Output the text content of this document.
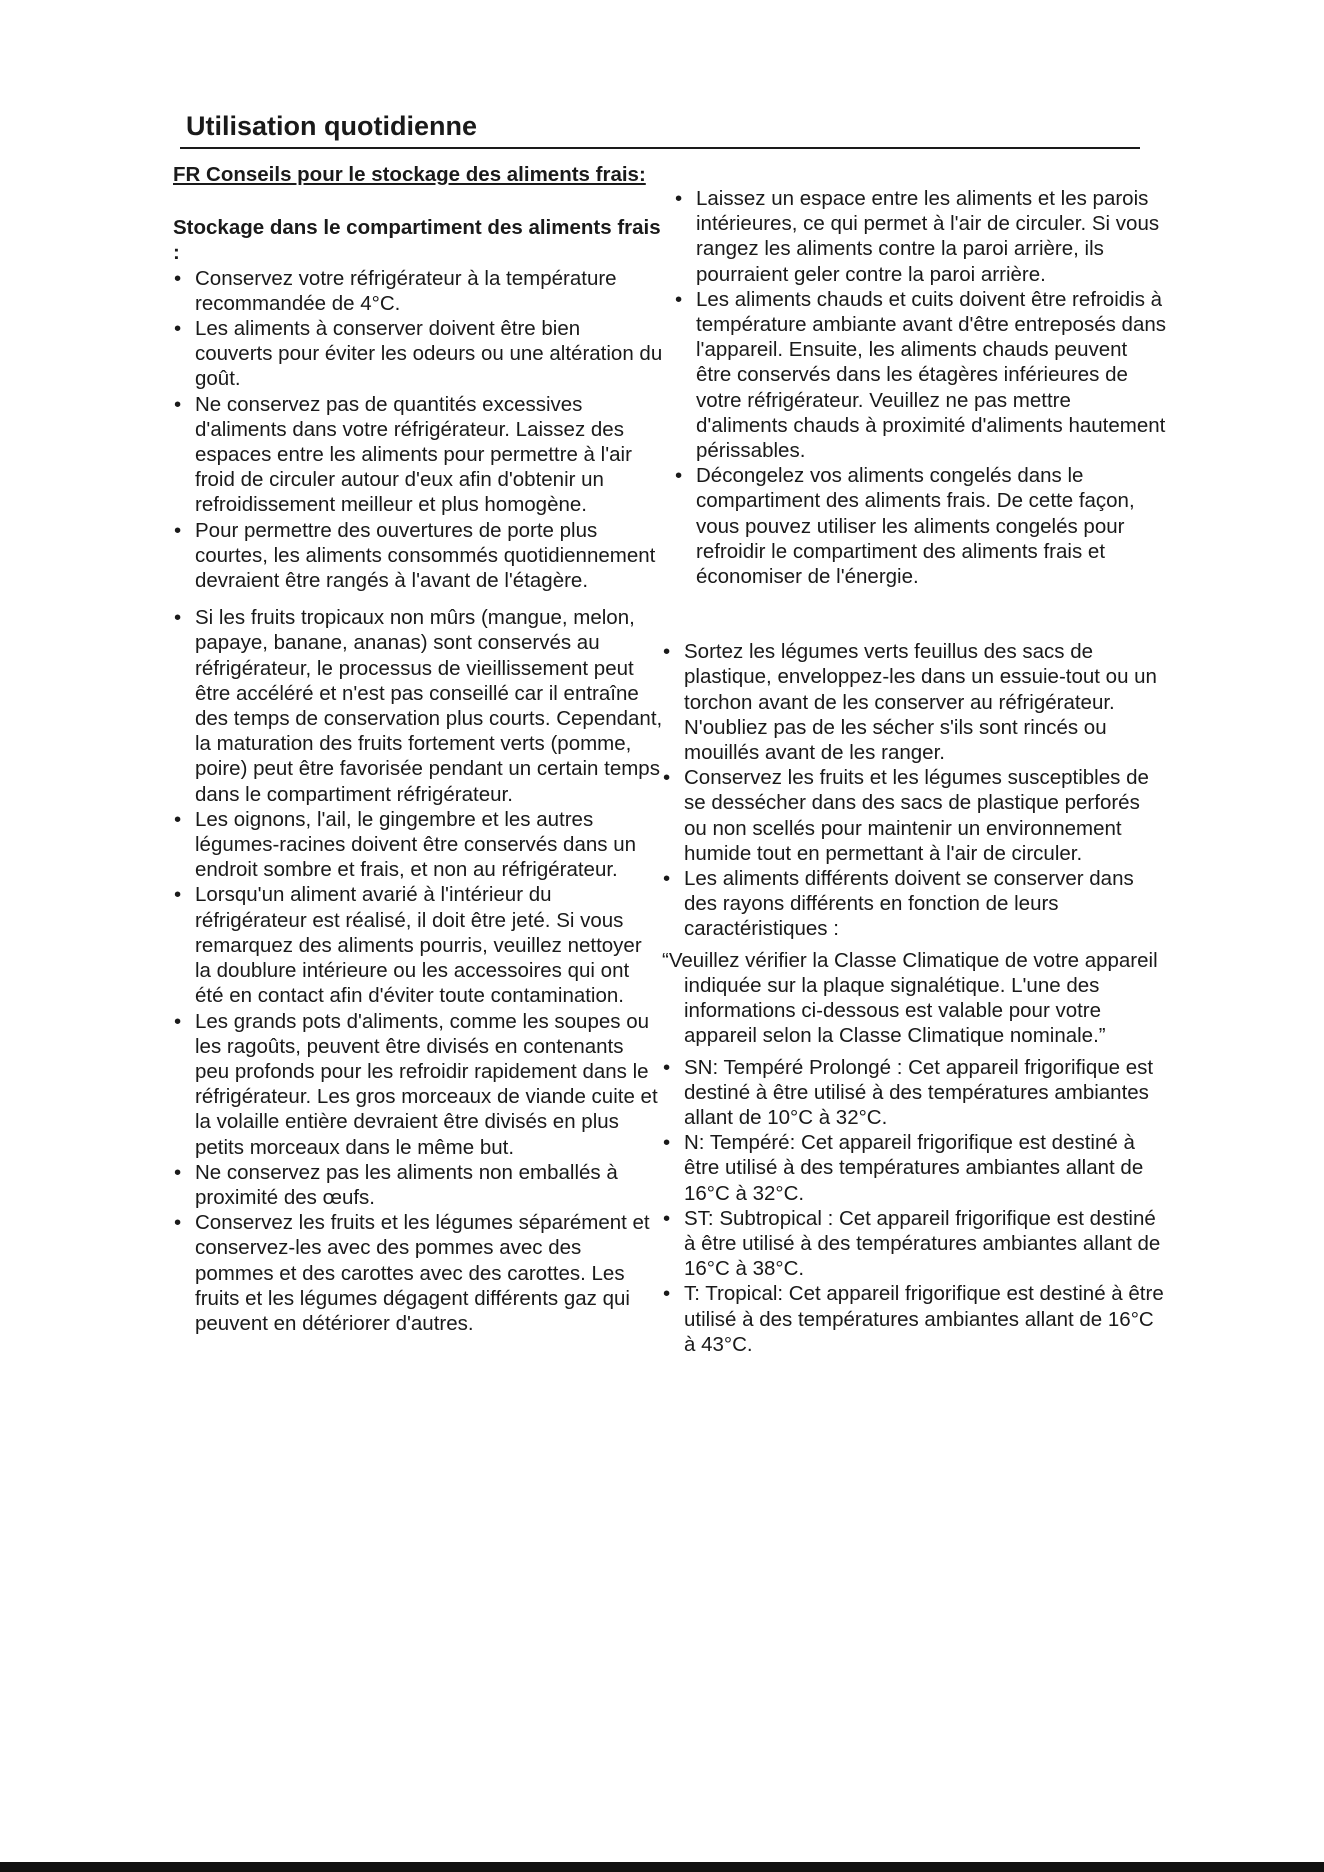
Utilisation quotidienne

FR Conseils pour le stockage des aliments frais:

Stockage dans le compartiment des aliments frais :

• Conservez votre réfrigérateur à la température recommandée de 4°C.
• Les aliments à conserver doivent être bien couverts pour éviter les odeurs ou une altération du goût.
• Ne conservez pas de quantités excessives d'aliments dans votre réfrigérateur. Laissez des espaces entre les aliments pour permettre à l'air froid de circuler autour d'eux afin d'obtenir un refroidissement meilleur et plus homogène.
• Pour permettre des ouvertures de porte plus courtes, les aliments consommés quotidiennement devraient être rangés à l'avant de l'étagère.
• Si les fruits tropicaux non mûrs (mangue, melon, papaye, banane, ananas) sont conservés au réfrigérateur, le processus de vieillissement peut être accéléré et n'est pas conseillé car il entraîne des temps de conservation plus courts. Cependant, la maturation des fruits fortement verts (pomme, poire) peut être favorisée pendant un certain temps dans le compartiment réfrigérateur.
• Les oignons, l'ail, le gingembre et les autres légumes-racines doivent être conservés dans un endroit sombre et frais, et non au réfrigérateur.
• Lorsqu'un aliment avarié à l'intérieur du réfrigérateur est réalisé, il doit être jeté. Si vous remarquez des aliments pourris, veuillez nettoyer la doublure intérieure ou les accessoires qui ont été en contact afin d'éviter toute contamination.
• Les grands pots d'aliments, comme les soupes ou les ragoûts, peuvent être divisés en contenants peu profonds pour les refroidir rapidement dans le réfrigérateur. Les gros morceaux de viande cuite et la volaille entière devraient être divisés en plus petits morceaux dans le même but.
• Ne conservez pas les aliments non emballés à proximité des œufs.
• Conservez les fruits et les légumes séparément et conservez-les avec des pommes avec des pommes et des carottes avec des carottes. Les fruits et les légumes dégagent différents gaz qui peuvent en détériorer d'autres.
• Laissez un espace entre les aliments et les parois intérieures, ce qui permet à l'air de circuler. Si vous rangez les aliments contre la paroi arrière, ils pourraient geler contre la paroi arrière.
• Les aliments chauds et cuits doivent être refroidis à température ambiante avant d'être entreposés dans l'appareil. Ensuite, les aliments chauds peuvent être conservés dans les étagères inférieures de votre réfrigérateur. Veuillez ne pas mettre d'aliments chauds à proximité d'aliments hautement périssables.
• Décongelez vos aliments congelés dans le compartiment des aliments frais. De cette façon, vous pouvez utiliser les aliments congelés pour refroidir le compartiment des aliments frais et économiser de l'énergie.
• Sortez les légumes verts feuillus des sacs de plastique, enveloppez-les dans un essuie-tout ou un torchon avant de les conserver au réfrigérateur. N'oubliez pas de les sécher s'ils sont rincés ou mouillés avant de les ranger.
• Conservez les fruits et les légumes susceptibles de se dessécher dans des sacs de plastique perforés ou non scellés pour maintenir un environnement humide tout en permettant à l'air de circuler.
• Les aliments différents doivent se conserver dans des rayons différents en fonction de leurs caractéristiques :

“Veuillez vérifier la Classe Climatique de votre appareil indiquée sur la plaque signalétique. L'une des informations ci-dessous est valable pour votre appareil selon la Classe Climatique nominale.”

• SN: Tempéré Prolongé : Cet appareil frigorifique est destiné à être utilisé à des températures ambiantes allant de 10°C à 32°C.
• N: Tempéré: Cet appareil frigorifique est destiné à être utilisé à des températures ambiantes allant de 16°C à 32°C.
• ST: Subtropical : Cet appareil frigorifique est destiné à être utilisé à des températures ambiantes allant de 16°C à 38°C.
• T: Tropical: Cet appareil frigorifique est destiné à être utilisé à des températures ambiantes allant de 16°C à 43°C.
